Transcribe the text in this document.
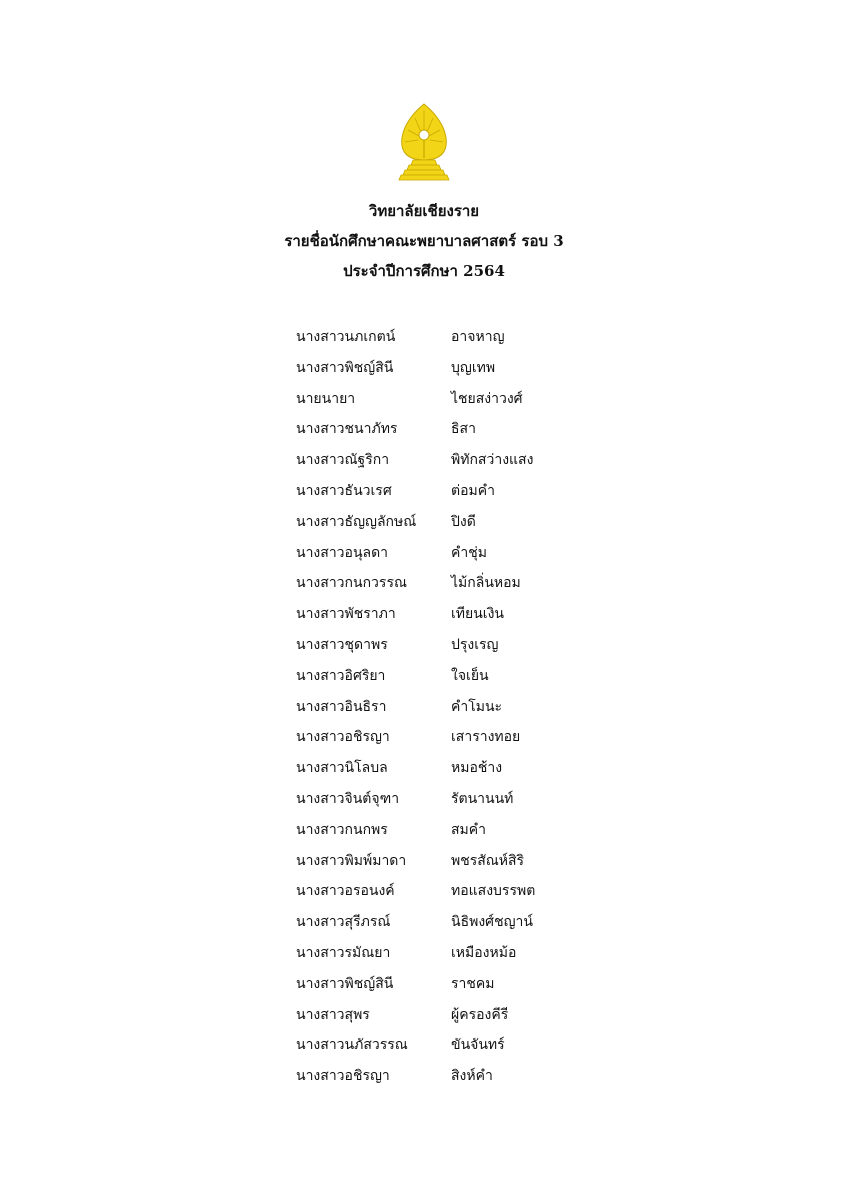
วิทยาลัยเชียงราย
รายชื่อนักศึกษาคณะพยาบาลศาสตร์ รอบ 3
ประจำปีการศึกษา 2564
นางสาวนภเกตน์	อาจหาญ
นางสาวพิชญ์สินี	บุญเทพ
นายนายา	ไชยสง่าวงศ์
นางสาวชนาภัทร	ธิสา
นางสาวณัฐริกา	พิทักสว่างแสง
นางสาวธันวเรศ	ต่อมคำ
นางสาวธัญญลักษณ์ ปิงดี
นางสาวอนุลดา	คำชุ่ม
นางสาวกนกวรรณ	ไม้กลิ่นหอม
นางสาวพัชราภา	เทียนเงิน
นางสาวชุดาพร	ปรุงเรญ
นางสาวอิศริยา	ใจเย็น
นางสาวอินธิรา	คำโมนะ
นางสาวอชิรญา	เสารางทอย
นางสาวนิโลบล	หมอช้าง
นางสาวจินต์จุฑา	รัตนานนท์
นางสาวกนกพร	สมคำ
นางสาวพิมพ์มาดา	พชรสัณห์สิริ
นางสาวอรอนงค์	ทอแสงบรรพต
นางสาวสุรีภรณ์	นิธิพงศ์ชญาน์
นางสาวรมัณยา	เหมืองหม้อ
นางสาวพิชญ์สินี	ราชคม
นางสาวสุพร	ผู้ครองคีรี
นางสาวนภัสวรรณ	ขันจันทร์
นางสาวอชิรญา	สิงห์คำ
